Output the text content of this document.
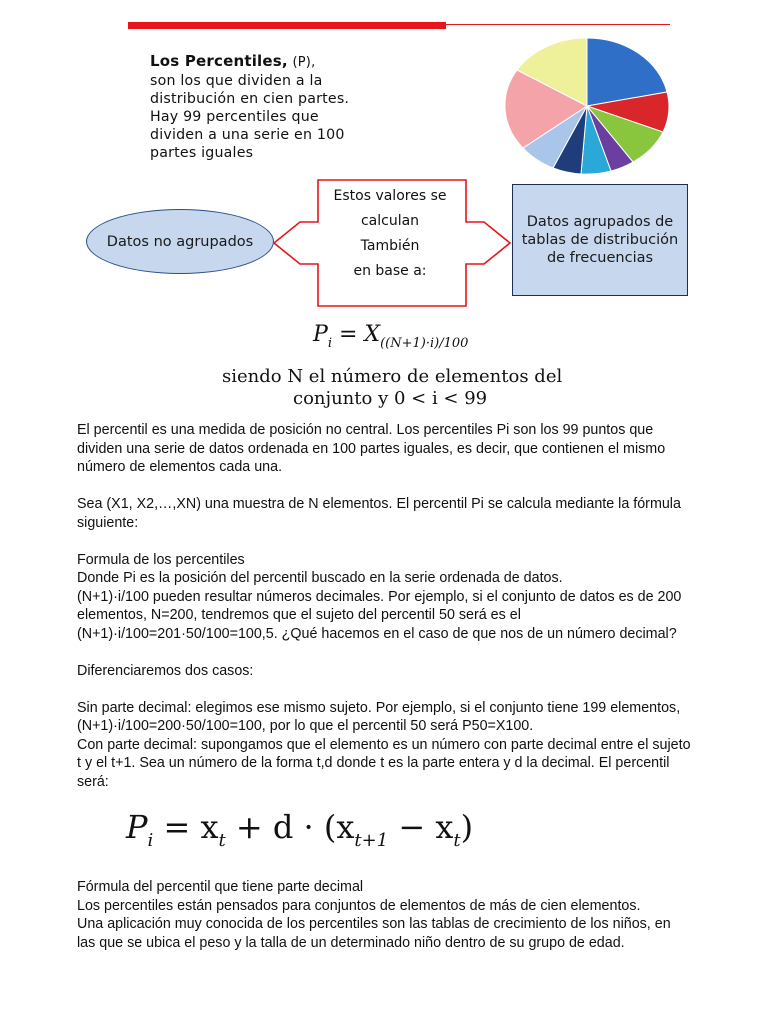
Los Percentiles, (P),
son los que dividen a la
distribución en cien partes.
Hay 99 percentiles que
dividen a una serie en 100
partes iguales
Datos no agrupados
Estos valores se
calculan
También
en base a:
Datos agrupados de
tablas de distribución
de frecuencias
$P_i = X_{((N+1)\cdot i)/100}$
siendo N el número de elementos del
conjunto y 0 < i < 99

El percentil es una medida de posición no central. Los percentiles Pi son los 99 puntos que dividen una serie de datos ordenada en 100 partes iguales, es decir, que contienen el mismo número de elementos cada una.

Sea (X1, X2,…,XN) una muestra de N elementos. El percentil Pi se calcula mediante la fórmula siguiente:

Formula de los percentiles

Donde Pi es la posición del percentil buscado en la serie ordenada de datos.

(N+1)·i/100 pueden resultar números decimales. Por ejemplo, si el conjunto de datos es de 200 elementos, N=200, tendremos que el sujeto del percentil 50 será es el (N+1)·i/100=201·50/100=100,5. ¿Qué hacemos en el caso de que nos de un número decimal?

Diferenciaremos dos casos:

Sin parte decimal: elegimos ese mismo sujeto. Por ejemplo, si el conjunto tiene 199 elementos, (N+1)·i/100=200·50/100=100, por lo que el percentil 50 será P50=X100.

Con parte decimal: supongamos que el elemento es un número con parte decimal entre el sujeto t y el t+1. Sea un número de la forma t,d donde t es la parte entera y d la decimal. El percentil será:

$P_i = x_t + d \cdot (x_{t+1} - x_t)$

Fórmula del percentil que tiene parte decimal

Los percentiles están pensados para conjuntos de elementos de más de cien elementos.

Una aplicación muy conocida de los percentiles son las tablas de crecimiento de los niños, en las que se ubica el peso y la talla de un determinado niño dentro de su grupo de edad.
